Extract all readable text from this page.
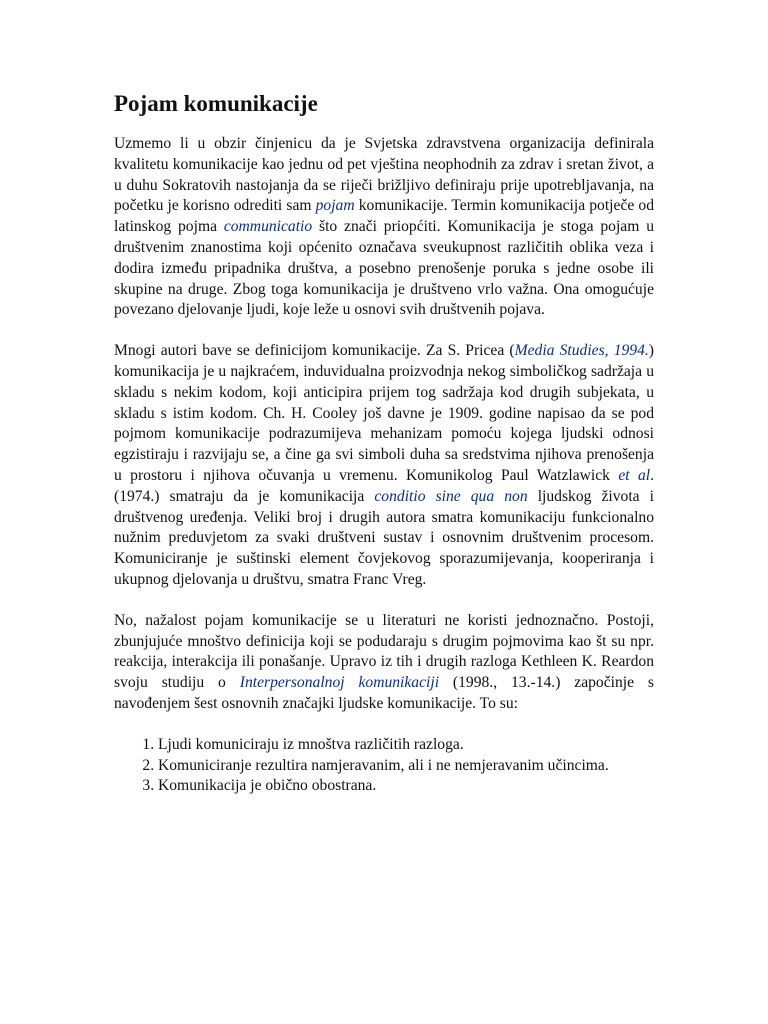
Pojam komunikacije

Uzmemo li u obzir činjenicu da je Svjetska zdravstvena organizacija definirala kvalitetu komunikacije kao jednu od pet vještina neophodnih za zdrav i sretan život, a u duhu Sokratovih nastojanja da se riječi brižljivo definiraju prije upotrebljavanja, na početku je korisno odrediti sam pojam komunikacije. Termin komunikacija potječe od latinskog pojma communicatio što znači priopćiti. Komunikacija je stoga pojam u društvenim znanostima koji općenito označava sveukupnost različitih oblika veza i dodira između pripadnika društva, a posebno prenošenje poruka s jedne osobe ili skupine na druge. Zbog toga komunikacija je društveno vrlo važna. Ona omogućuje povezano djelovanje ljudi, koje leže u osnovi svih društvenih pojava.

Mnogi autori bave se definicijom komunikacije. Za S. Pricea (Media Studies, 1994.) komunikacija je u najkraćem, induvidualna proizvodnja nekog simboličkog sadržaja u skladu s nekim kodom, koji anticipira prijem tog sadržaja kod drugih subjekata, u skladu s istim kodom. Ch. H. Cooley još davne je 1909. godine napisao da se pod pojmom komunikacije podrazumijeva mehanizam pomoću kojega ljudski odnosi egzistiraju i razvijaju se, a čine ga svi simboli duha sa sredstvima njihova prenošenja u prostoru i njihova očuvanja u vremenu. Komunikolog Paul Watzlawick et al. (1974.) smatraju da je komunikacija conditio sine qua non ljudskog života i društvenog uređenja. Veliki broj i drugih autora smatra komunikaciju funkcionalno nužnim preduvjetom za svaki društveni sustav i osnovnim društvenim procesom. Komuniciranje je suštinski element čovjekovog sporazumijevanja, kooperiranja i ukupnog djelovanja u društvu, smatra Franc Vreg.

No, nažalost pojam komunikacije se u literaturi ne koristi jednoznačno. Postoji, zbunjujuće mnoštvo definicija koji se podudaraju s drugim pojmovima kao št su npr. reakcija, interakcija ili ponašanje. Upravo iz tih i drugih razloga Kethleen K. Reardon svoju studiju o Interpersonalnoj komunikaciji (1998., 13.-14.) započinje s navođenjem šest osnovnih značajki ljudske komunikacije. To su:

1. Ljudi komuniciraju iz mnoštva različitih razloga.
2. Komuniciranje rezultira namjeravanim, ali i ne nemjeravanim učincima.
3. Komunikacija je obično obostrana.
